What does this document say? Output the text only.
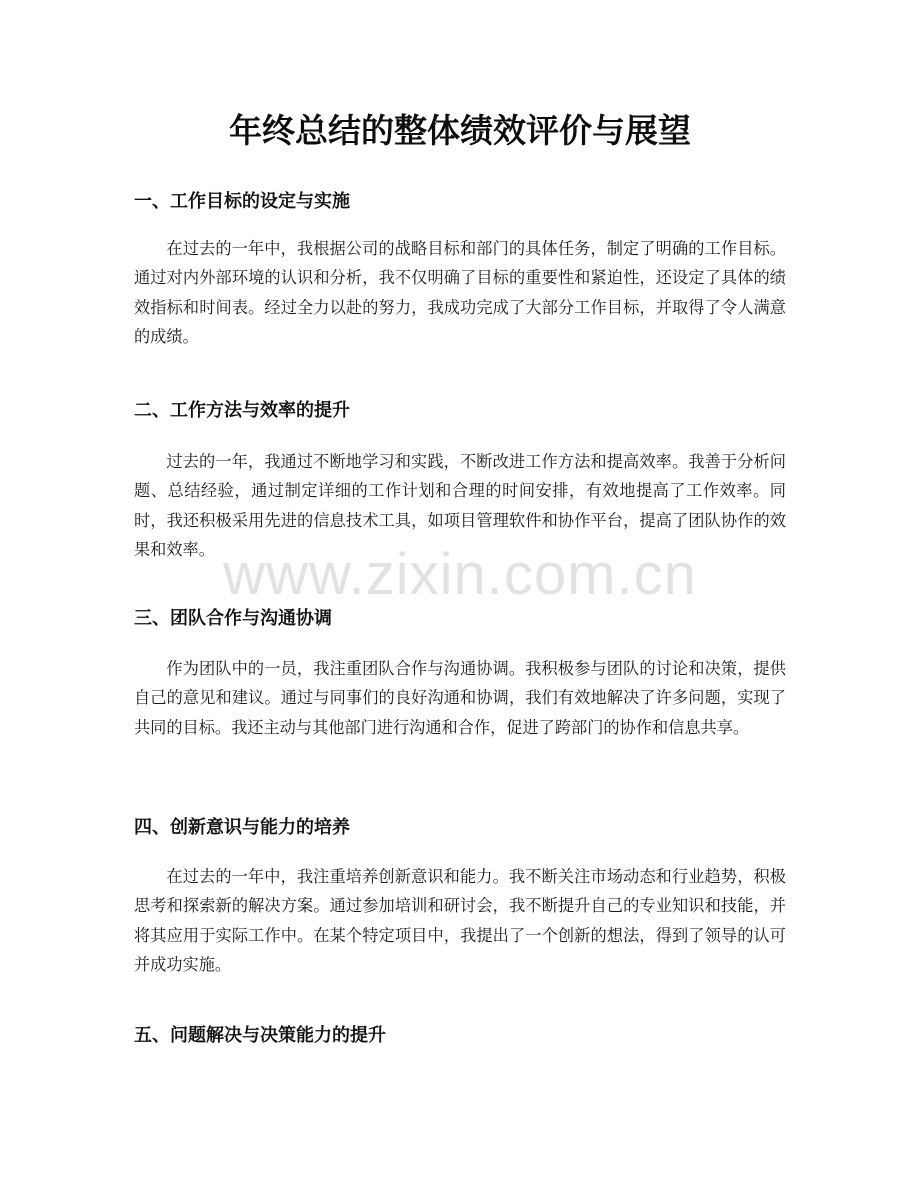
年终总结的整体绩效评价与展望
一、工作目标的设定与实施

在过去的一年中，我根据公司的战略目标和部门的具体任务，制定了明确的工作目标。通过对内外部环境的认识和分析，我不仅明确了目标的重要性和紧迫性，还设定了具体的绩效指标和时间表。经过全力以赴的努力，我成功完成了大部分工作目标，并取得了令人满意的成绩。

二、工作方法与效率的提升

过去的一年，我通过不断地学习和实践，不断改进工作方法和提高效率。我善于分析问题、总结经验，通过制定详细的工作计划和合理的时间安排，有效地提高了工作效率。同时，我还积极采用先进的信息技术工具，如项目管理软件和协作平台，提高了团队协作的效果和效率。

三、团队合作与沟通协调

作为团队中的一员，我注重团队合作与沟通协调。我积极参与团队的讨论和决策，提供自己的意见和建议。通过与同事们的良好沟通和协调，我们有效地解决了许多问题，实现了共同的目标。我还主动与其他部门进行沟通和合作，促进了跨部门的协作和信息共享。

四、创新意识与能力的培养

在过去的一年中，我注重培养创新意识和能力。我不断关注市场动态和行业趋势，积极思考和探索新的解决方案。通过参加培训和研讨会，我不断提升自己的专业知识和技能，并将其应用于实际工作中。在某个特定项目中，我提出了一个创新的想法，得到了领导的认可并成功实施。

五、问题解决与决策能力的提升
www.zixin.com.cn
